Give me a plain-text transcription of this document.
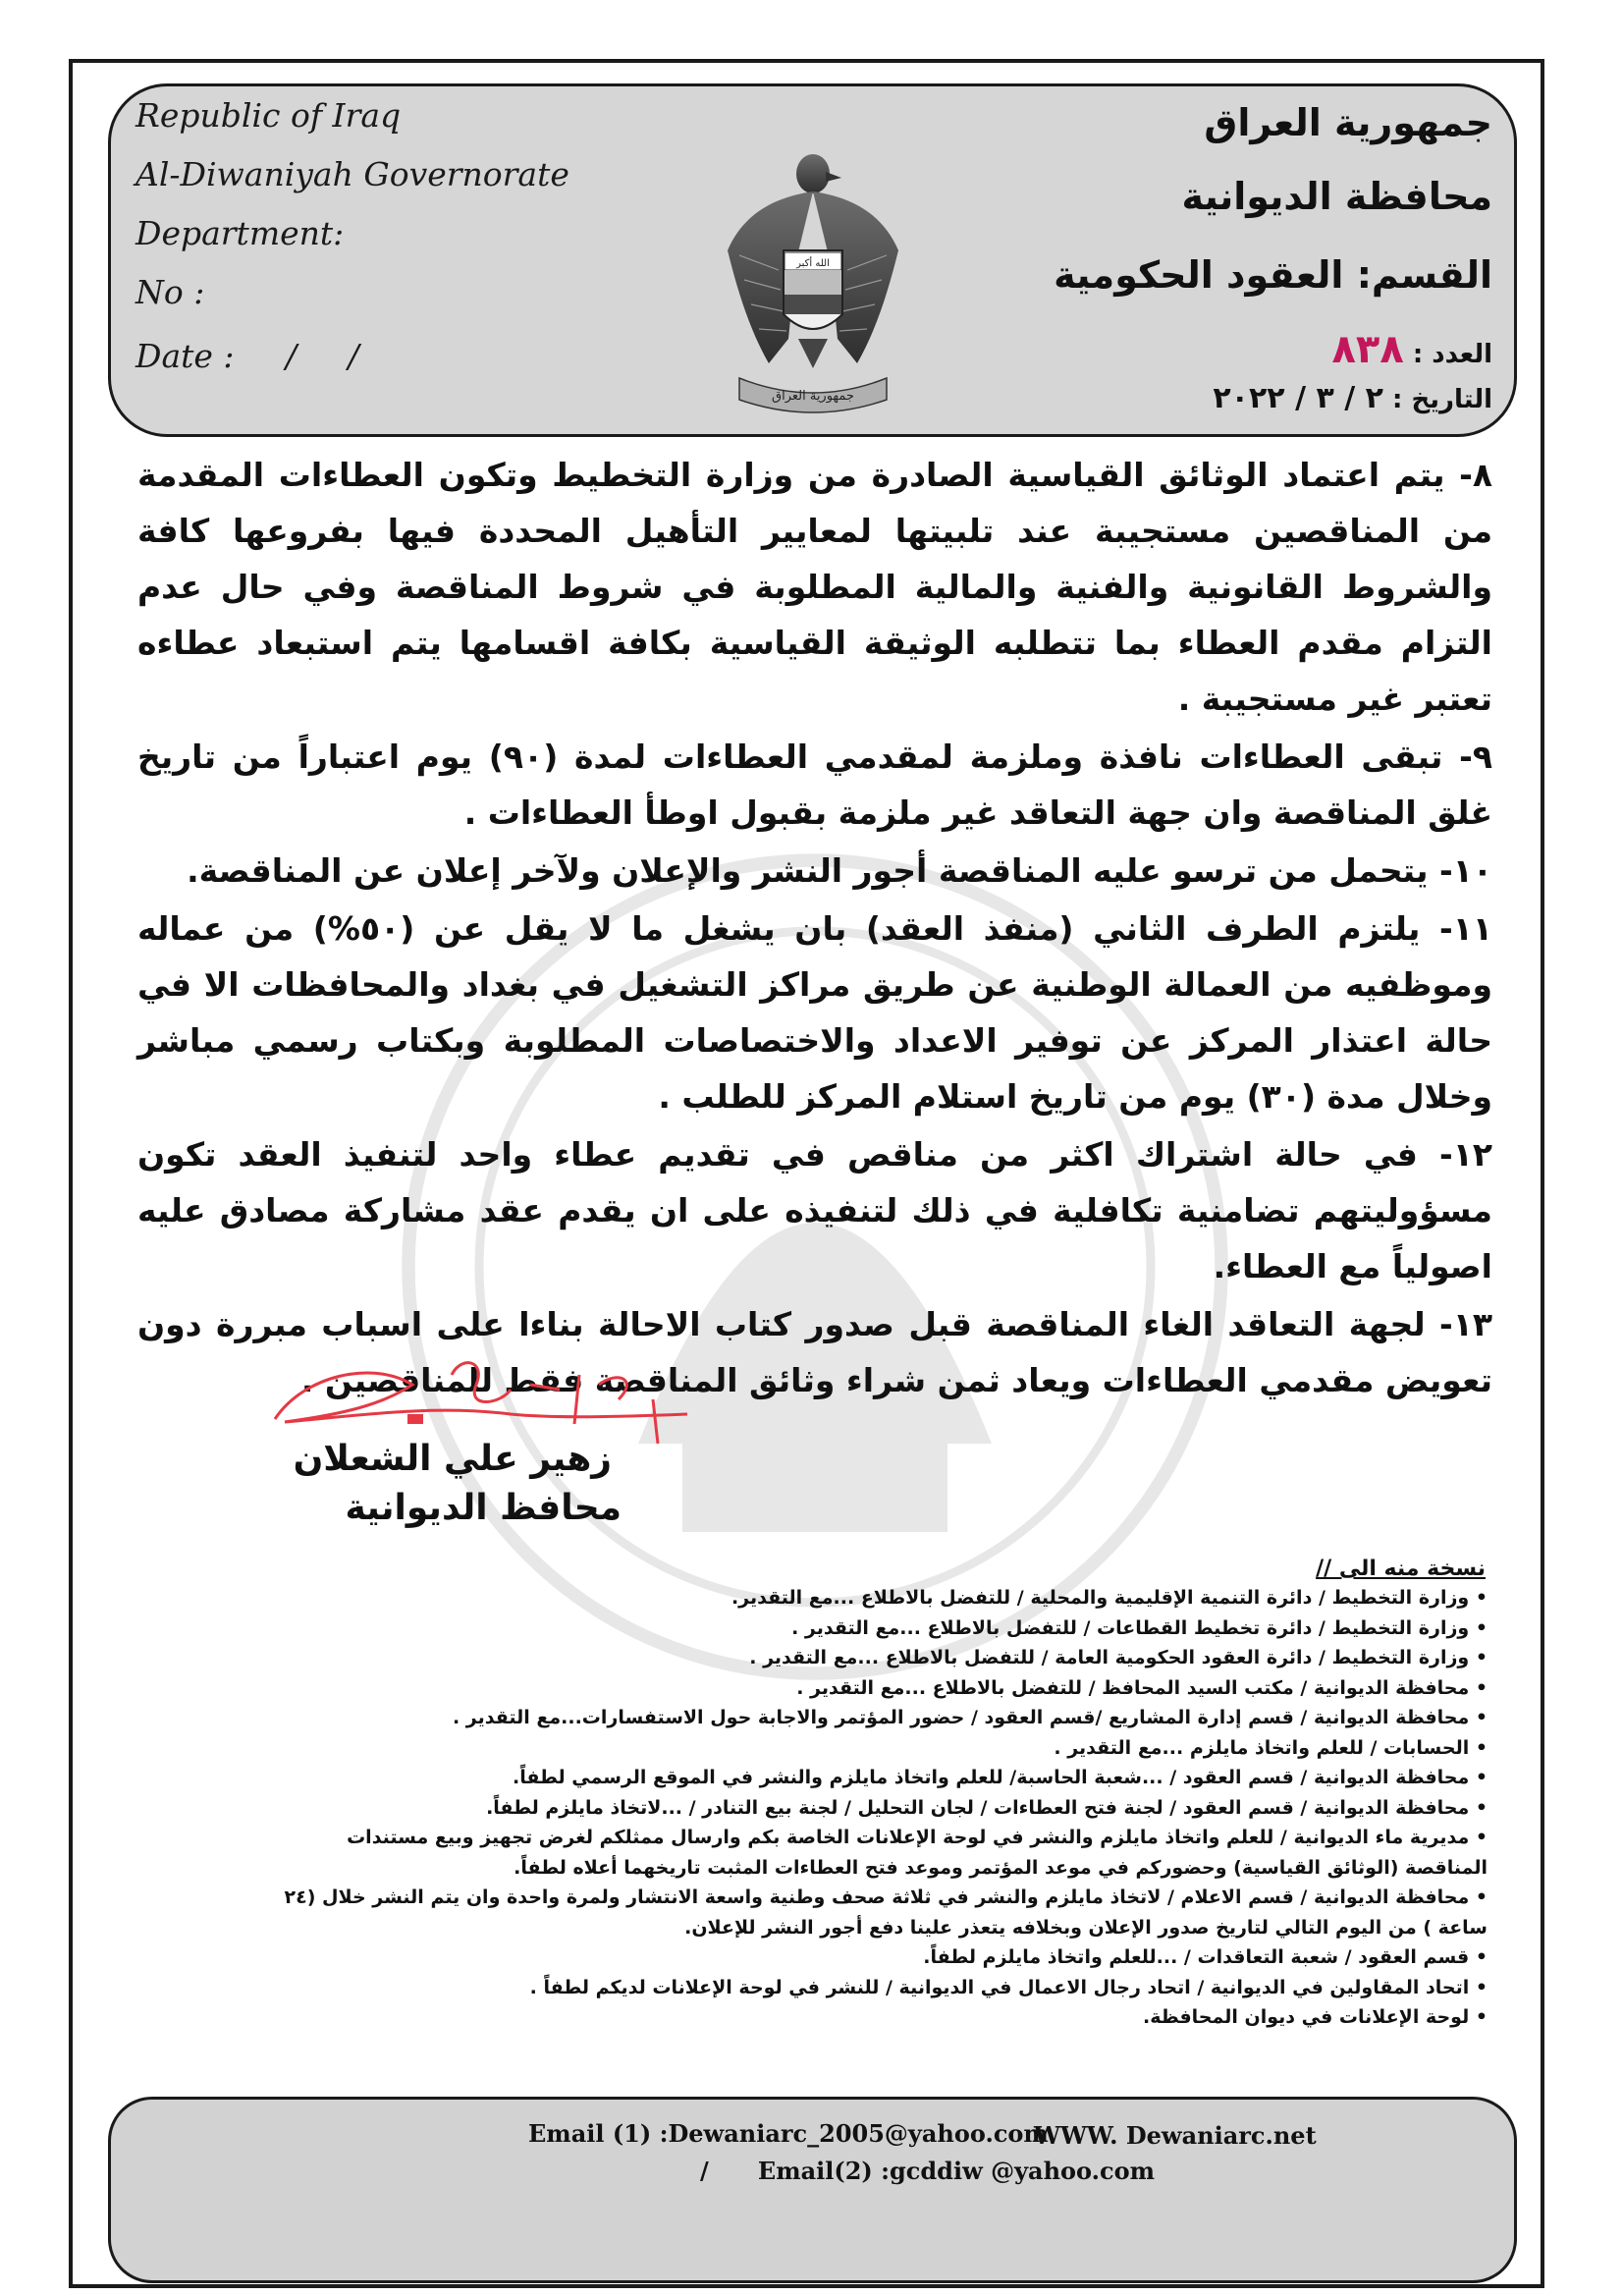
Republic of Iraq
Al-Diwaniyah Governorate
Department:
No :
Date :     /     /
جمهورية العراق
محافظة الديوانية
القسم: العقود الحكومية
العدد : ٨٣٨
التاريخ : ٢ / ٣ / ٢٠٢٢
الله أكبر
جمهورية العراق

٨- يتم اعتماد الوثائق القياسية الصادرة من وزارة التخطيط وتكون العطاءات المقدمة من المناقصين مستجيبة عند تلبيتها لمعايير التأهيل المحددة فيها بفروعها كافة والشروط القانونية والفنية والمالية المطلوبة في شروط المناقصة وفي حال عدم التزام مقدم العطاء بما تتطلبه الوثيقة القياسية بكافة اقسامها يتم استبعاد عطاءه تعتبر غير مستجيبة .

٩- تبقى العطاءات نافذة وملزمة لمقدمي العطاءات لمدة (٩٠) يوم اعتباراً من تاريخ غلق المناقصة وان جهة التعاقد غير ملزمة بقبول اوطأ العطاءات .

١٠- يتحمل من ترسو عليه المناقصة أجور النشر والإعلان ولآخر إعلان عن المناقصة.

١١- يلتزم الطرف الثاني (منفذ العقد) بان يشغل ما لا يقل عن (٥٠%) من عماله وموظفيه من العمالة الوطنية عن طريق مراكز التشغيل في بغداد والمحافظات الا في حالة اعتذار المركز عن توفير الاعداد والاختصاصات المطلوبة وبكتاب رسمي مباشر وخلال مدة (٣٠) يوم من تاريخ استلام المركز للطلب .

١٢- في حالة اشتراك اكثر من مناقص في تقديم عطاء واحد لتنفيذ العقد تكون مسؤوليتهم تضامنية تكافلية في ذلك لتنفيذه على ان يقدم عقد مشاركة مصادق عليه اصولياً مع العطاء.

١٣- لجهة التعاقد الغاء المناقصة قبل صدور كتاب الاحالة بناءا على اسباب مبررة دون تعويض مقدمي العطاءات ويعاد ثمن شراء وثائق المناقصة فقط للمناقصين .

زهير علي الشعلان
محافظ الديوانية
نسخة منه الى //
• وزارة التخطيط / دائرة التنمية الإقليمية والمحلية / للتفضل بالاطلاع ...مع التقدير.
• وزارة التخطيط / دائرة تخطيط القطاعات / للتفضل بالاطلاع ...مع التقدير .
• وزارة التخطيط / دائرة العقود الحكومية العامة / للتفضل بالاطلاع ...مع التقدير .
• محافظة الديوانية / مكتب السيد المحافظ / للتفضل بالاطلاع ...مع التقدير .
• محافظة الديوانية / قسم إدارة المشاريع /قسم العقود / حضور المؤتمر والاجابة حول الاستفسارات...مع التقدير .
• الحسابات / للعلم واتخاذ مايلزم ...مع التقدير .
• محافظة الديوانية / قسم العقود / ...شعبة الحاسبة/ للعلم واتخاذ مايلزم والنشر في الموقع الرسمي لطفاً.
• محافظة الديوانية / قسم العقود / لجنة فتح العطاءات / لجان التحليل / لجنة بيع التنادر / ...لاتخاذ مايلزم لطفاً.
• مديرية ماء الديوانية / للعلم واتخاذ مايلزم والنشر في لوحة الإعلانات الخاصة بكم وارسال ممثلكم لغرض تجهيز وبيع مستندات
المناقصة (الوثائق القياسية) وحضوركم في موعد المؤتمر وموعد فتح العطاءات المثبت تاريخهما أعلاه لطفاً.
• محافظة الديوانية / قسم الاعلام / لاتخاذ مايلزم والنشر في ثلاثة صحف وطنية واسعة الانتشار ولمرة واحدة وان يتم النشر خلال (٢٤
ساعة ) من اليوم التالي لتاريخ صدور الإعلان وبخلافه يتعذر علينا دفع أجور النشر للإعلان.
• قسم العقود / شعبة التعاقدات / ...للعلم واتخاذ مايلزم لطفاً.
• اتحاد المقاولين في الديوانية / اتحاد رجال الاعمال في الديوانية / للنشر في لوحة الإعلانات لديكم لطفاً .
• لوحة الإعلانات في ديوان المحافظة.
Email (1) :Dewaniarc_2005@yahoo.com
WWW. Dewaniarc.net
/      Email(2) :gcddiw @yahoo.com
